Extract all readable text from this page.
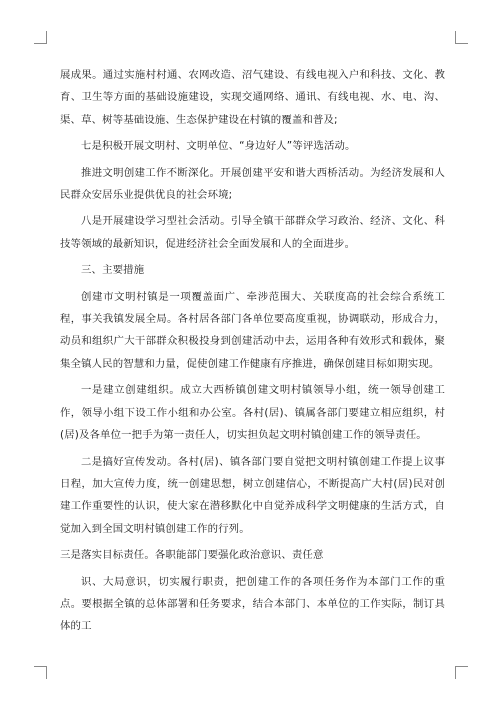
展成果。通过实施村村通、农网改造、沼气建设、有线电视入户和科技、文化、教育、卫生等方面的基础设施建设，实现交通网络、通讯、有线电视、水、电、沟、渠、草、树等基础设施、生态保护建设在村镇的覆盖和普及;

七是积极开展文明村、文明单位、“身边好人”等评选活动。

推进文明创建工作不断深化。开展创建平安和谐大西桥活动。为经济发展和人民群众安居乐业提供优良的社会环境;

八是开展建设学习型社会活动。引导全镇干部群众学习政治、经济、文化、科技等领域的最新知识，促进经济社会全面发展和人的全面进步。

三、主要措施

创建市文明村镇是一项覆盖面广、牵涉范围大、关联度高的社会综合系统工程，事关我镇发展全局。各村居各部门各单位要高度重视，协调联动，形成合力，动员和组织广大干部群众积极投身到创建活动中去，运用各种有效形式和载体，聚集全镇人民的智慧和力量，促使创建工作健康有序推进，确保创建目标如期实现。

一是建立创建组织。成立大西桥镇创建文明村镇领导小组，统一领导创建工作，领导小组下设工作小组和办公室。各村(居)、镇属各部门要建立相应组织，村(居)及各单位一把手为第一责任人，切实担负起文明村镇创建工作的领导责任。

二是搞好宣传发动。各村(居)、镇各部门要自觉把文明村镇创建工作提上议事日程，加大宣传力度，统一创建思想，树立创建信心，不断提高广大村(居)民对创建工作重要性的认识，使大家在潜移默化中自觉养成科学文明健康的生活方式，自觉加入到全国文明村镇创建工作的行列。

三是落实目标责任。各职能部门要强化政治意识、责任意

识、大局意识，切实履行职责，把创建工作的各项任务作为本部门工作的重点。要根据全镇的总体部署和任务要求，结合本部门、本单位的工作实际，制订具体的工
